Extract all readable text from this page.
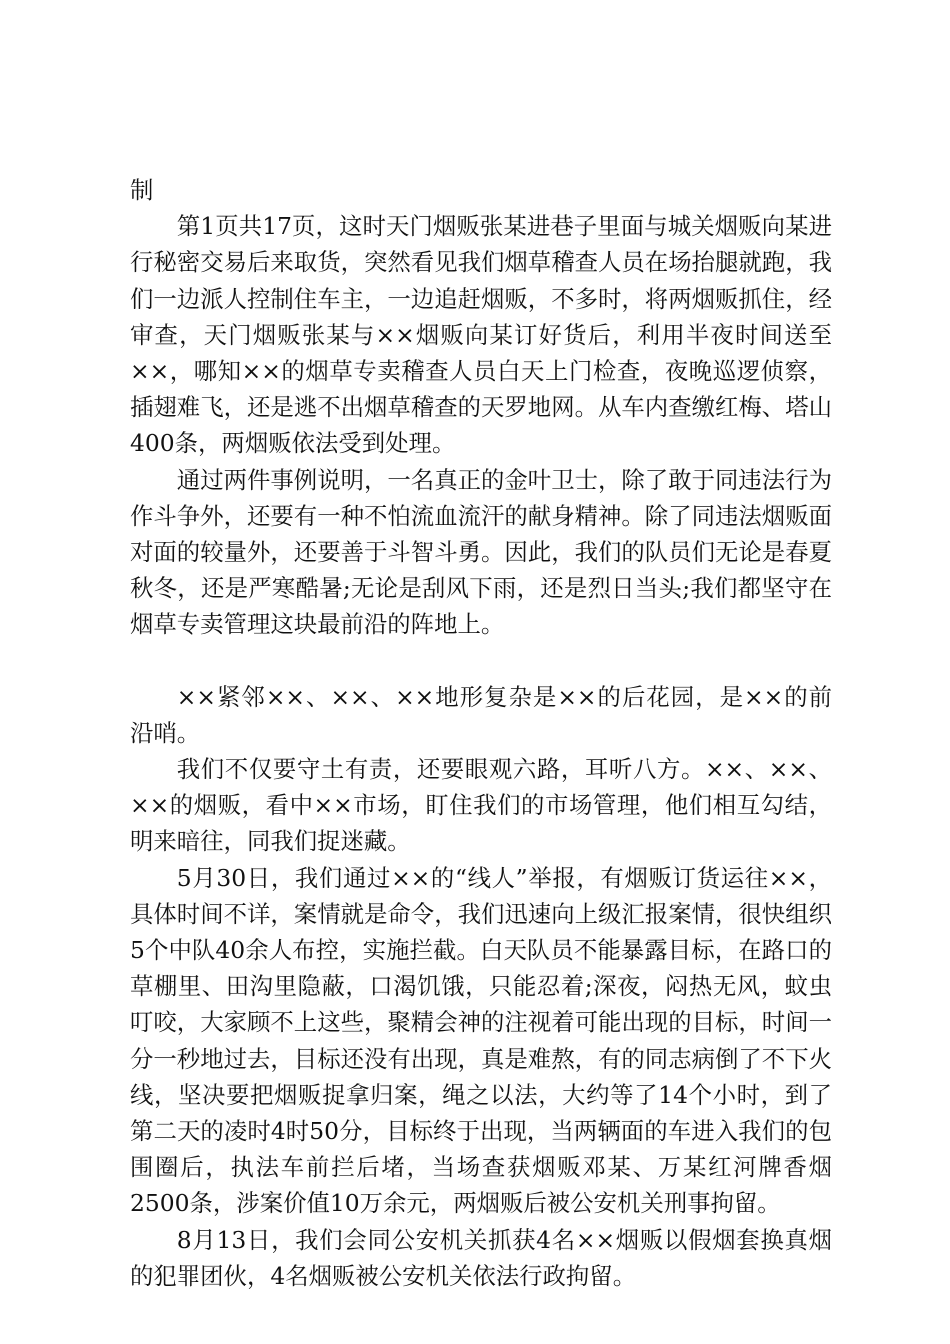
制

第1页共17页，这时天门烟贩张某进巷子里面与城关烟贩向某进行秘密交易后来取货，突然看见我们烟草稽查人员在场抬腿就跑，我们一边派人控制住车主，一边追赶烟贩，不多时，将两烟贩抓住，经审查，天门烟贩张某与××烟贩向某订好货后，利用半夜时间送至××，哪知××的烟草专卖稽查人员白天上门检查，夜晚巡逻侦察，插翅难飞，还是逃不出烟草稽查的天罗地网。从车内查缴红梅、塔山400条，两烟贩依法受到处理。

通过两件事例说明，一名真正的金叶卫士，除了敢于同违法行为作斗争外，还要有一种不怕流血流汗的献身精神。除了同违法烟贩面对面的较量外，还要善于斗智斗勇。因此，我们的队员们无论是春夏秋冬，还是严寒酷暑;无论是刮风下雨，还是烈日当头;我们都坚守在烟草专卖管理这块最前沿的阵地上。

××紧邻××、××、××地形复杂是××的后花园，是××的前沿哨。

我们不仅要守土有责，还要眼观六路，耳听八方。××、××、××的烟贩，看中××市场，盯住我们的市场管理，他们相互勾结，明来暗往，同我们捉迷藏。

5月30日，我们通过××的“线人”举报，有烟贩订货运往××，具体时间不详，案情就是命令，我们迅速向上级汇报案情，很快组织5个中队40余人布控，实施拦截。白天队员不能暴露目标，在路口的草棚里、田沟里隐蔽，口渴饥饿，只能忍着;深夜，闷热无风，蚊虫叮咬，大家顾不上这些，聚精会神的注视着可能出现的目标，时间一分一秒地过去，目标还没有出现，真是难熬，有的同志病倒了不下火线，坚决要把烟贩捉拿归案，绳之以法，大约等了14个小时，到了第二天的凌时4时50分，目标终于出现，当两辆面的车进入我们的包围圈后，执法车前拦后堵，当场查获烟贩邓某、万某红河牌香烟2500条，涉案价值10万余元，两烟贩后被公安机关刑事拘留。

8月13日，我们会同公安机关抓获4名××烟贩以假烟套换真烟的犯罪团伙，4名烟贩被公安机关依法行政拘留。
